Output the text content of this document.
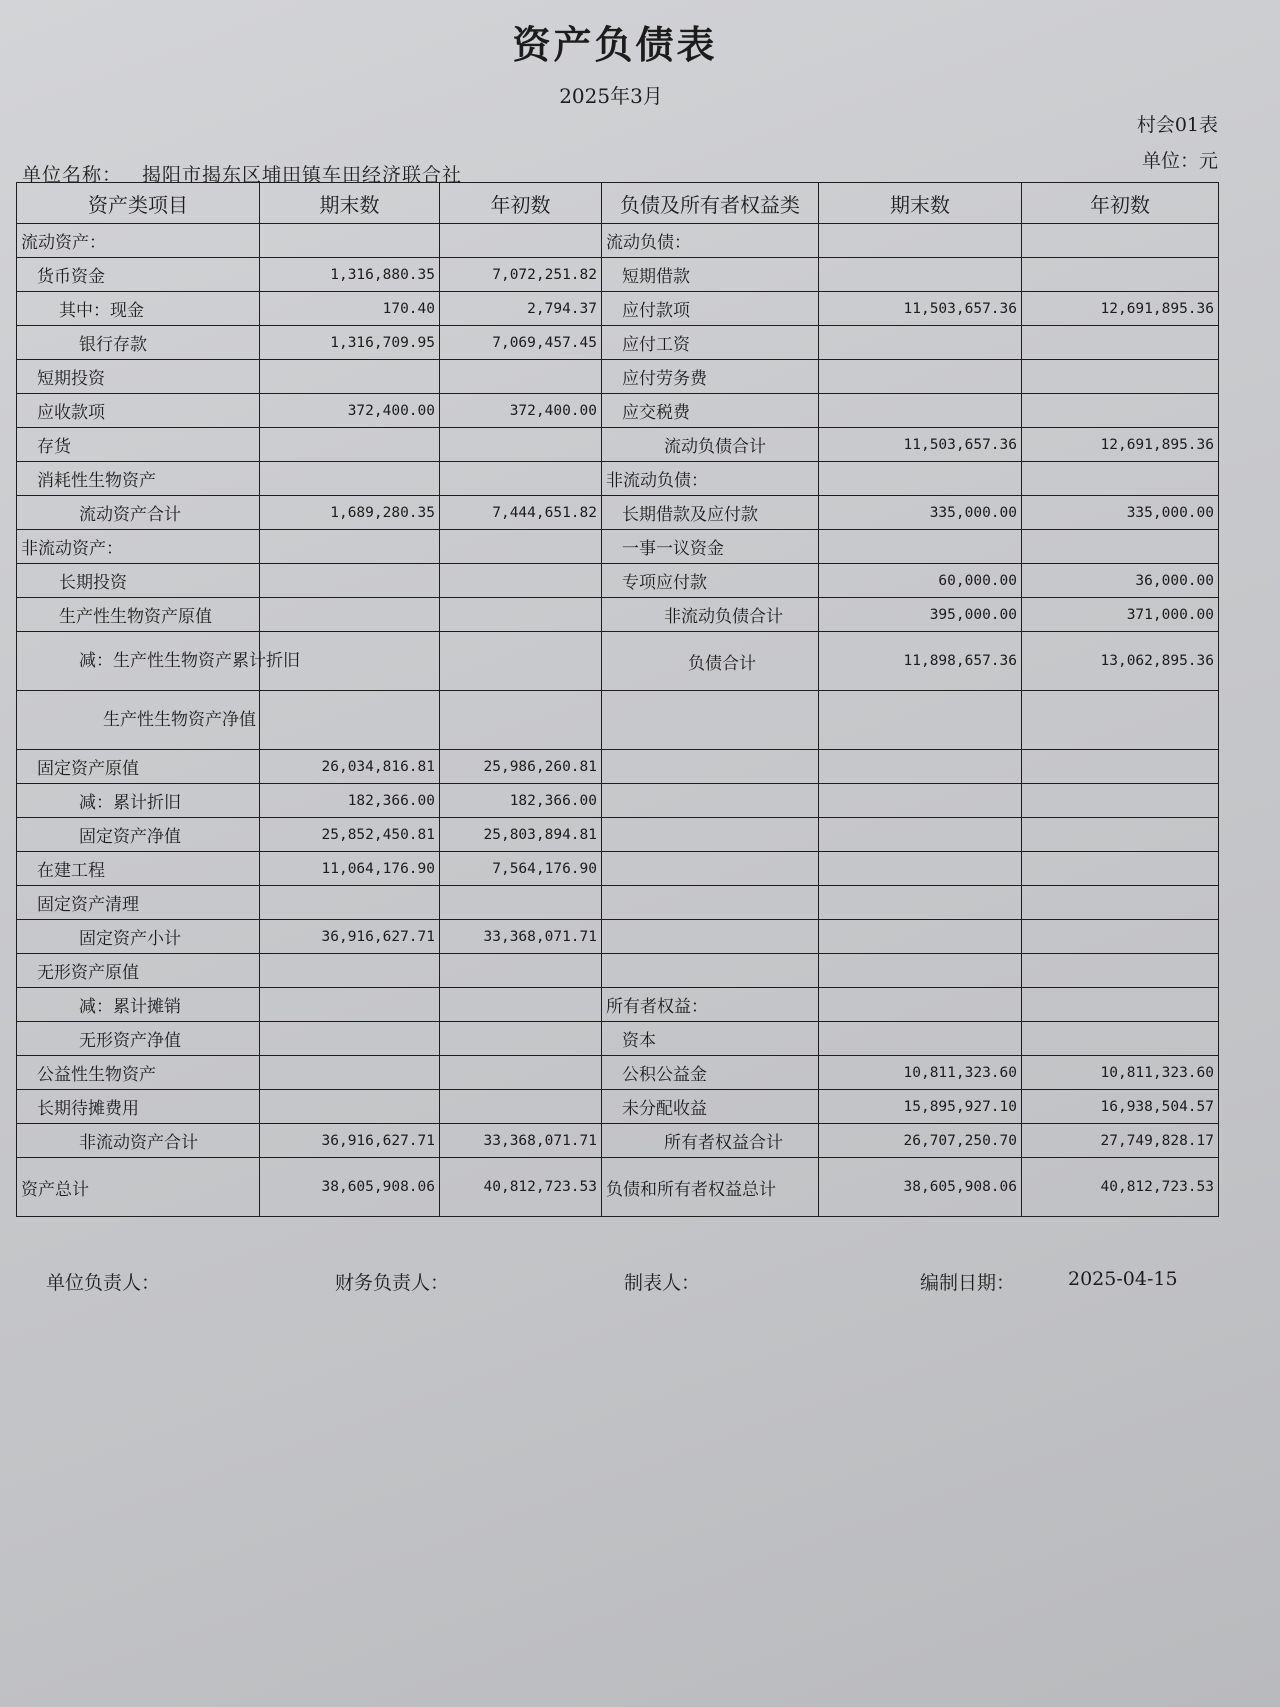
资产负债表
2025年3月
村会01表
单位：元
单位名称： 揭阳市揭东区埔田镇车田经济联合社
资产类项目	期末数	年初数	负债及所有者权益类	期末数	年初数
流动资产：			流动负债：		
货币资金	1,316,880.35	7,072,251.82	短期借款		
其中：现金	170.40	2,794.37	应付款项	11,503,657.36	12,691,895.36
银行存款	1,316,709.95	7,069,457.45	应付工资		
短期投资			应付劳务费		
应收款项	372,400.00	372,400.00	应交税费		
存货			流动负债合计	11,503,657.36	12,691,895.36
消耗性生物资产			非流动负债：		
流动资产合计	1,689,280.35	7,444,651.82	长期借款及应付款	335,000.00	335,000.00
非流动资产：			一事一议资金		
长期投资			专项应付款	60,000.00	36,000.00
生产性生物资产原值			非流动负债合计	395,000.00	371,000.00
减：生产性生物资产累计折旧			负债合计	11,898,657.36	13,062,895.36
生产性生物资产净值					
固定资产原值	26,034,816.81	25,986,260.81			
减：累计折旧	182,366.00	182,366.00			
固定资产净值	25,852,450.81	25,803,894.81			
在建工程	11,064,176.90	7,564,176.90			
固定资产清理					
固定资产小计	36,916,627.71	33,368,071.71			
无形资产原值					
减：累计摊销			所有者权益：		
无形资产净值			资本		
公益性生物资产			公积公益金	10,811,323.60	10,811,323.60
长期待摊费用			未分配收益	15,895,927.10	16,938,504.57
非流动资产合计	36,916,627.71	33,368,071.71	所有者权益合计	26,707,250.70	27,749,828.17
资产总计	38,605,908.06	40,812,723.53	负债和所有者权益总计	38,605,908.06	40,812,723.53
单位负责人：	财务负责人：	制表人：	编制日期：	2025-04-15
